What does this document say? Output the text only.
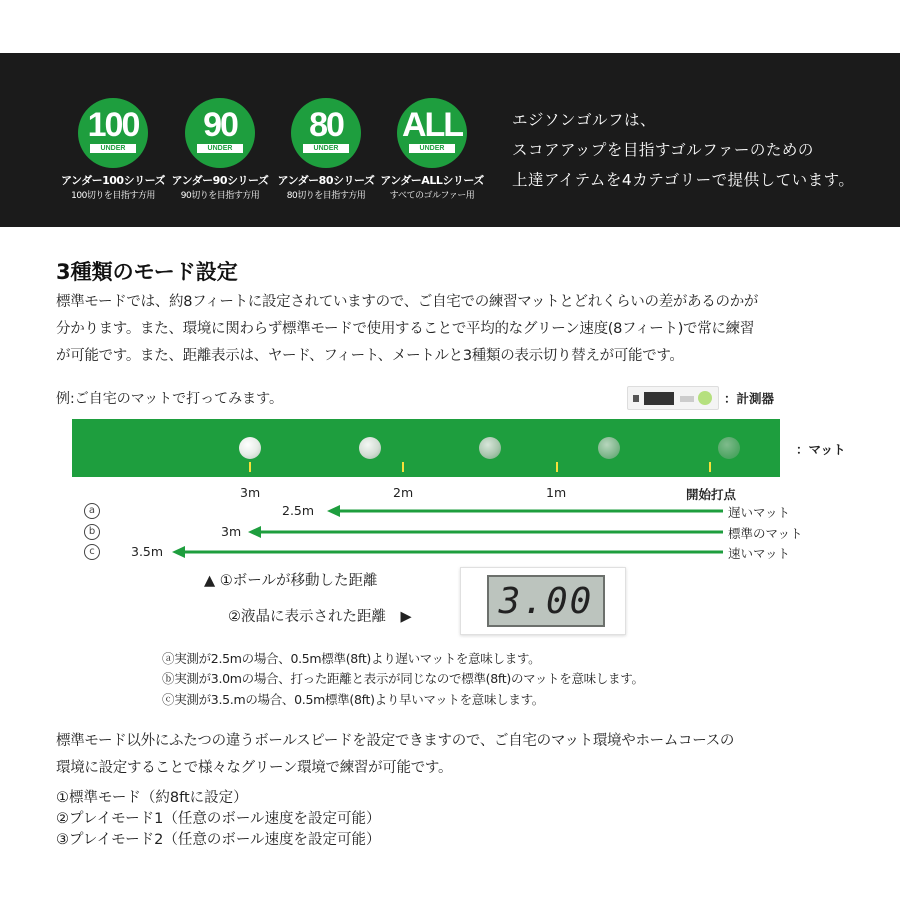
100
UNDER
90
UNDER
80
UNDER
ALL
UNDER
アンダー100シリーズ
100切りを目指す方用
アンダー90シリーズ
90切りを目指す方用
アンダー80シリーズ
80切りを目指す方用
アンダーALLシリーズ
すべてのゴルファー用
エジソンゴルフは、
スコアアップを目指すゴルファーのための
上達アイテムを4カテゴリーで提供しています。
3種類のモード設定
標準モードでは、約8フィートに設定されていますので、ご自宅での練習マットとどれくらいの差があるのかが
分かります。また、環境に関わらず標準モードで使用することで平均的なグリーン速度(8フィート)で常に練習
が可能です。また、距離表示は、ヤード、フィート、メートルと3種類の表示切り替えが可能です。
例:ご自宅のマットで打ってみます。	：計測器
：マット
3m	2m	1m	開始打点
a
b
c
2.5m
3m
3.5m
遅いマット
標準のマット
速いマット
▲ ①ボールが移動した距離
②液晶に表示された距離　▶ 3.00
ⓐ実測が2.5mの場合、0.5m標準(8ft)より遅いマットを意味します。
ⓑ実測が3.0mの場合、打った距離と表示が同じなので標準(8ft)のマットを意味します。
ⓒ実測が3.5.mの場合、0.5m標準(8ft)より早いマットを意味します。
標準モード以外にふたつの違うボールスピードを設定できますので、ご自宅のマット環境やホームコースの
環境に設定することで様々なグリーン環境で練習が可能です。
①標準モード（約8ftに設定）
②プレイモード1（任意のボール速度を設定可能）
③プレイモード2（任意のボール速度を設定可能）
